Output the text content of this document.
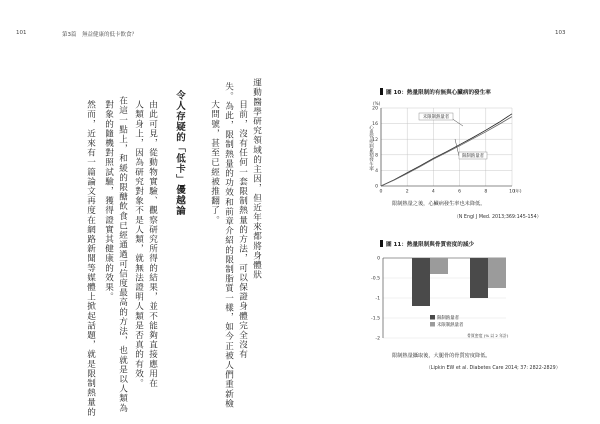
101	第3篇　無益健康的低卡飲食？	103
運動醫學研究領域的主因，但近年來都將身體狀
目前，沒有任何一套限制熱量的方法，可以保證身體完全沒有
失。為此，限制熱量的功效和前章介紹的限制脂質一樣，如今正被人們重新檢
大問號，甚至已經被推翻了。
令人存疑的「低卡」優越論
由此可見，從動物實驗、觀察研究所得的結果，並不能夠直接應用在
人類身上，因為研究對象不是人類，就無法證明人類是否真的有效。
在這一點上，和緩的限醣飲食已經通過可信度最高的方法，也就是以人類為
對象的隨機對照試驗，獲得證實其健康的效果。
然而，近來有一篇論文再度在網路新聞等媒體上掀起話題，就是限制熱量的
圖 10：熱量限制的有無與心臟病的發生率
0
4
8
12
16
20
0	2	4	6	8	10
(%)
(年)
心血管疾病累積發生率
未限制熱量者
限制熱量者
0
-0.5
-1
-1.5
-2
限制熱量者
未限制熱量者
骨質密度 (% 以 2 年計)
限制熱量之後，心臟病發生率也未降低。
（N Engl J Med. 2013;369:145-154）
圖 11：熱量限制與骨質密度的減少
限制熱量攝取後，大腿骨的骨質密度降低。
（Lipkin EW et al. Diabetes Care 2014; 37: 2822-2829）
